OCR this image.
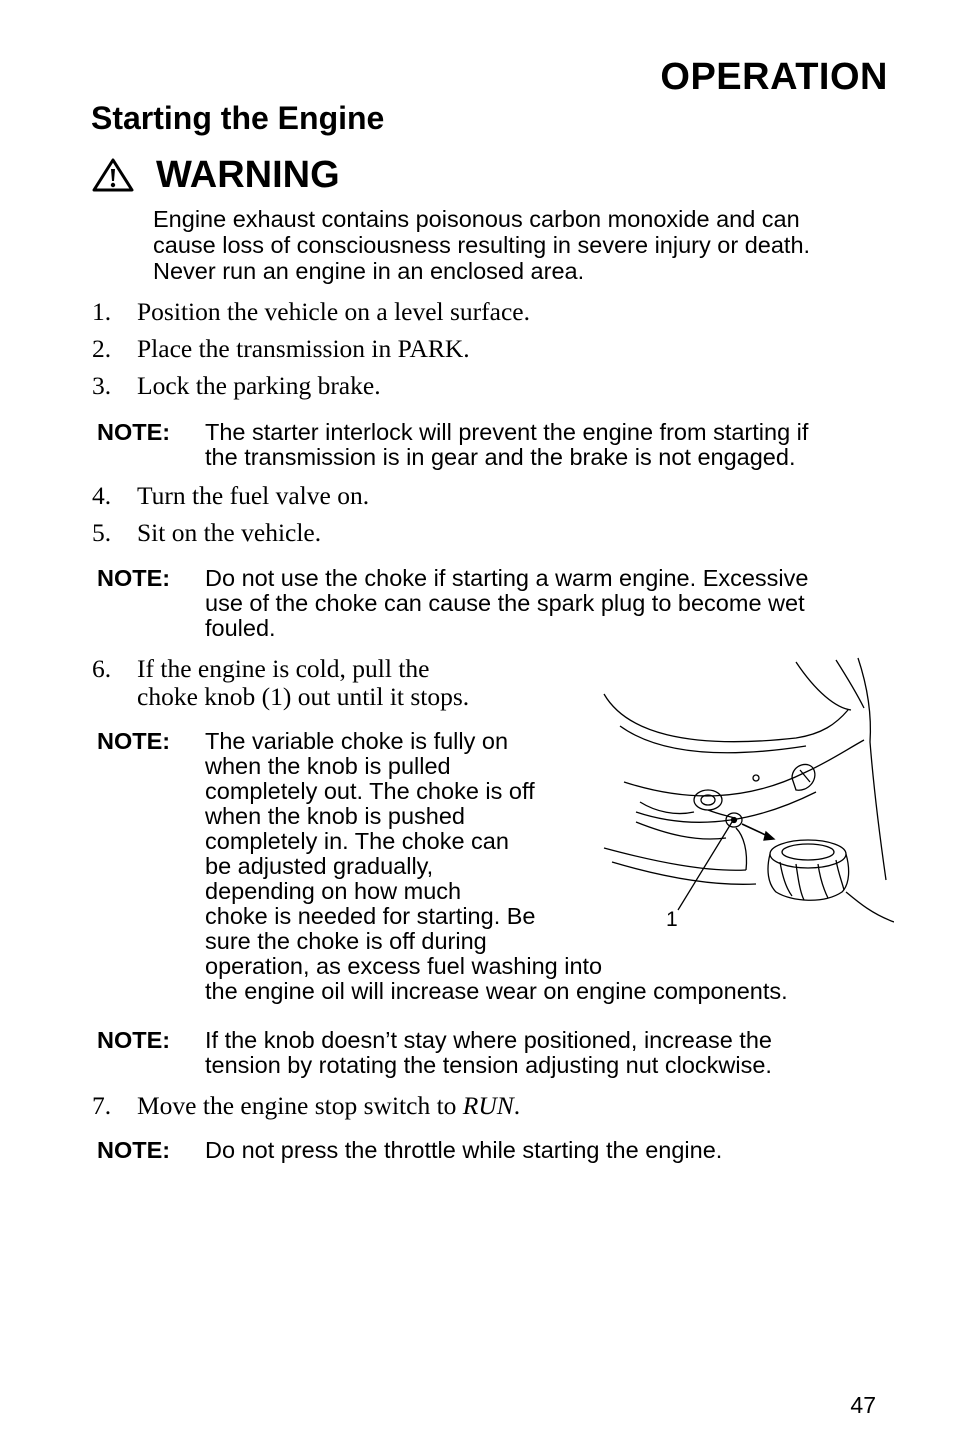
OPERATION
Starting the Engine
WARNING
Engine exhaust contains poisonous carbon monoxide and can
cause loss of consciousness resulting in severe injury or death.
Never run an engine in an enclosed area.
1. Position the vehicle on a level surface.
2. Place the transmission in PARK.
3. Lock the parking brake.
NOTE: The starter interlock will prevent the engine from starting if
the transmission is in gear and the brake is not engaged.
4. Turn the fuel valve on.
5. Sit on the vehicle.
NOTE: Do not use the choke if starting a warm engine. Excessive
use of the choke can cause the spark plug to become wet
fouled.
6. If the engine is cold, pull the
choke knob (1) out until it stops.
NOTE: The variable choke is fully on
when the knob is pulled
completely out. The choke is off
when the knob is pushed
completely in. The choke can
be adjusted gradually,
depending on how much
choke is needed for starting. Be
sure the choke is off during
operation, as excess fuel washing into
the engine oil will increase wear on engine components.
1
NOTE: If the knob doesn’t stay where positioned, increase the
tension by rotating the tension adjusting nut clockwise.
7. Move the engine stop switch to RUN.
NOTE: Do not press the throttle while starting the engine.
47
